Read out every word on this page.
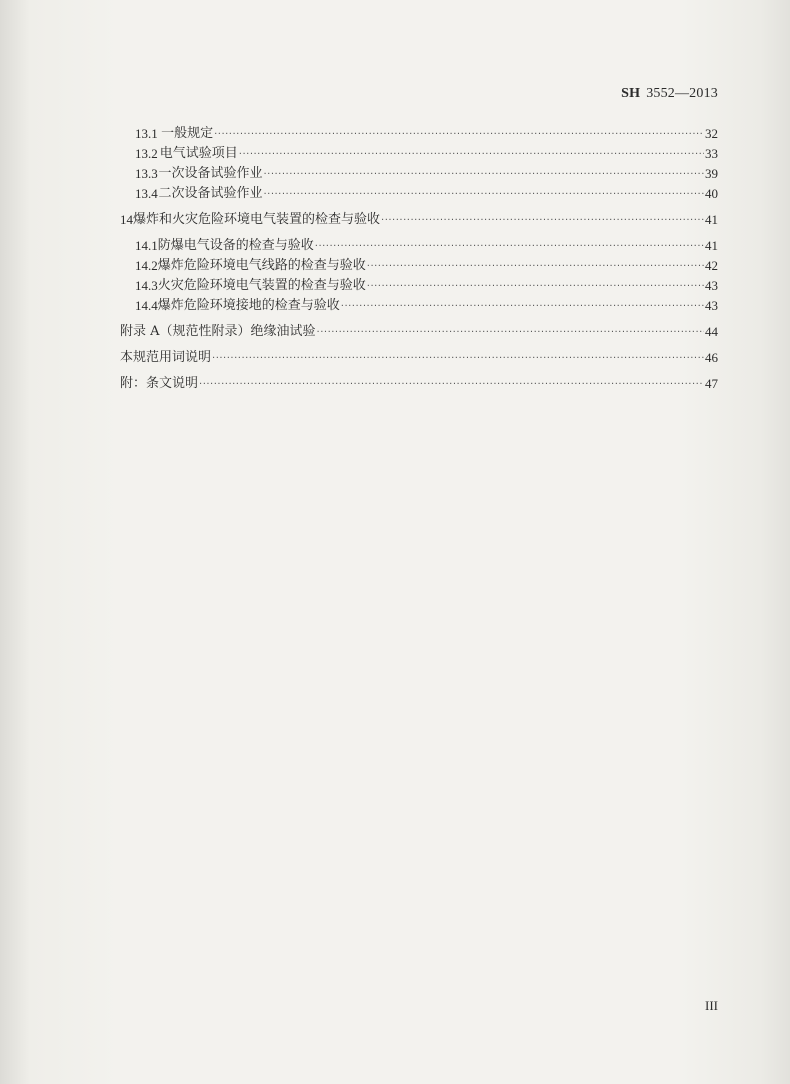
SH 3552—2013
13.1 一般规定 ·····	32
13.2 电气试验项目 ·····	33
13.3 一次设备试验作业 ·····	39
13.4 二次设备试验作业 ·····	40
14 爆炸和火灾危险环境电气装置的检查与验收 ·····	41
14.1 防爆电气设备的检查与验收 ·····	41
14.2 爆炸危险环境电气线路的检查与验收 ·····	42
14.3 火灾危险环境电气装置的检查与验收 ·····	43
14.4 爆炸危险环境接地的检查与验收 ·····	43
附录 A（规范性附录）绝缘油试验 ·····	44
本规范用词说明 ·····	46
附：条文说明 ·····	47
III
